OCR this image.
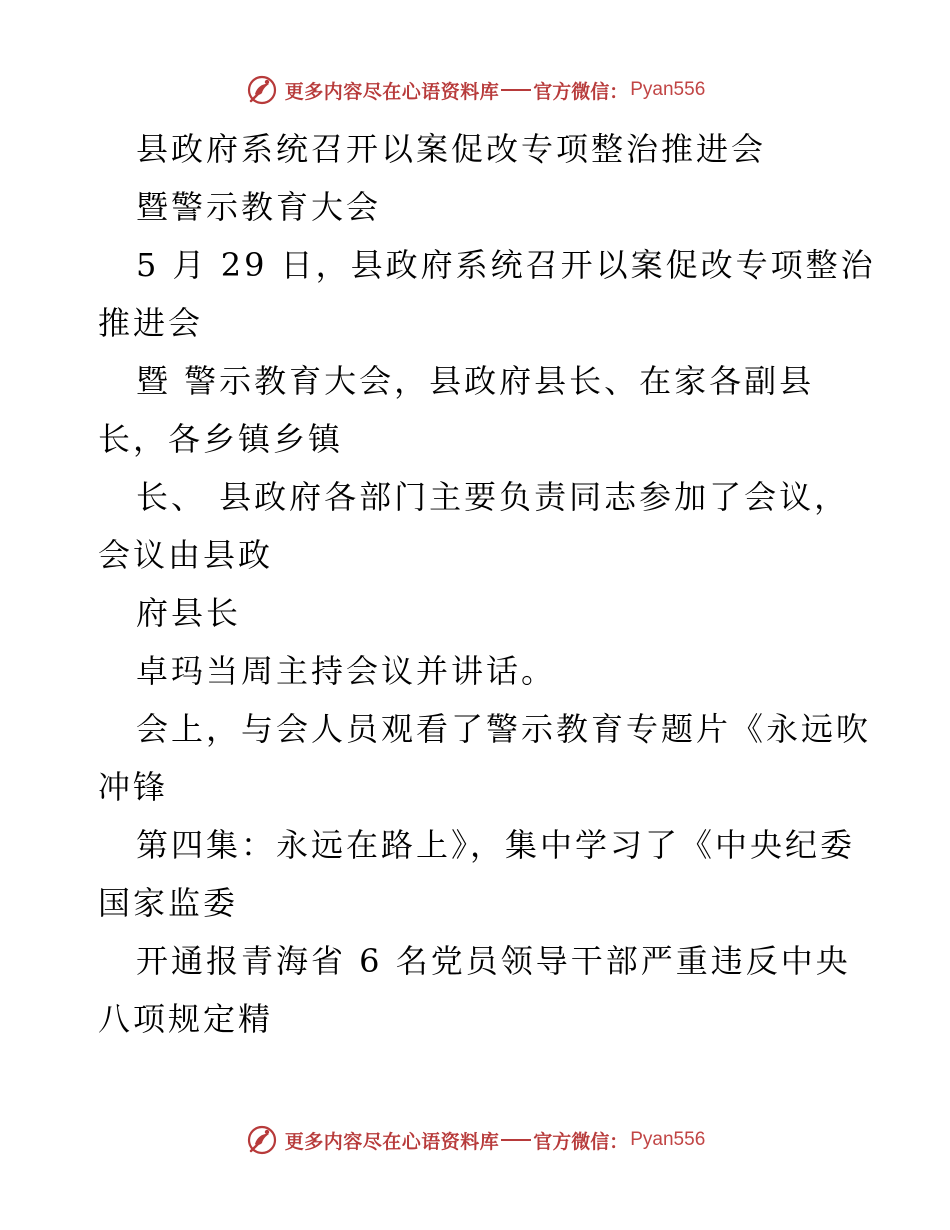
更多内容尽在心语资料库 官方微信： Pyan556

县政府系统召开以案促改专项整治推进会

暨警示教育大会

5 月 29 日，县政府系统召开以案促改专项整治

推进会

暨 警示教育大会，县政府县长、在家各副县

长，各乡镇乡镇

长、 县政府各部门主要负责同志参加了会议，

会议由县政

府县长

卓玛当周主持会议并讲话。

会上，与会人员观看了警示教育专题片《永远吹

冲锋

第四集：永远在路上》，集中学习了《中央纪委

国家监委

开通报青海省 6 名党员领导干部严重违反中央

八项规定精

更多内容尽在心语资料库 官方微信： Pyan556
